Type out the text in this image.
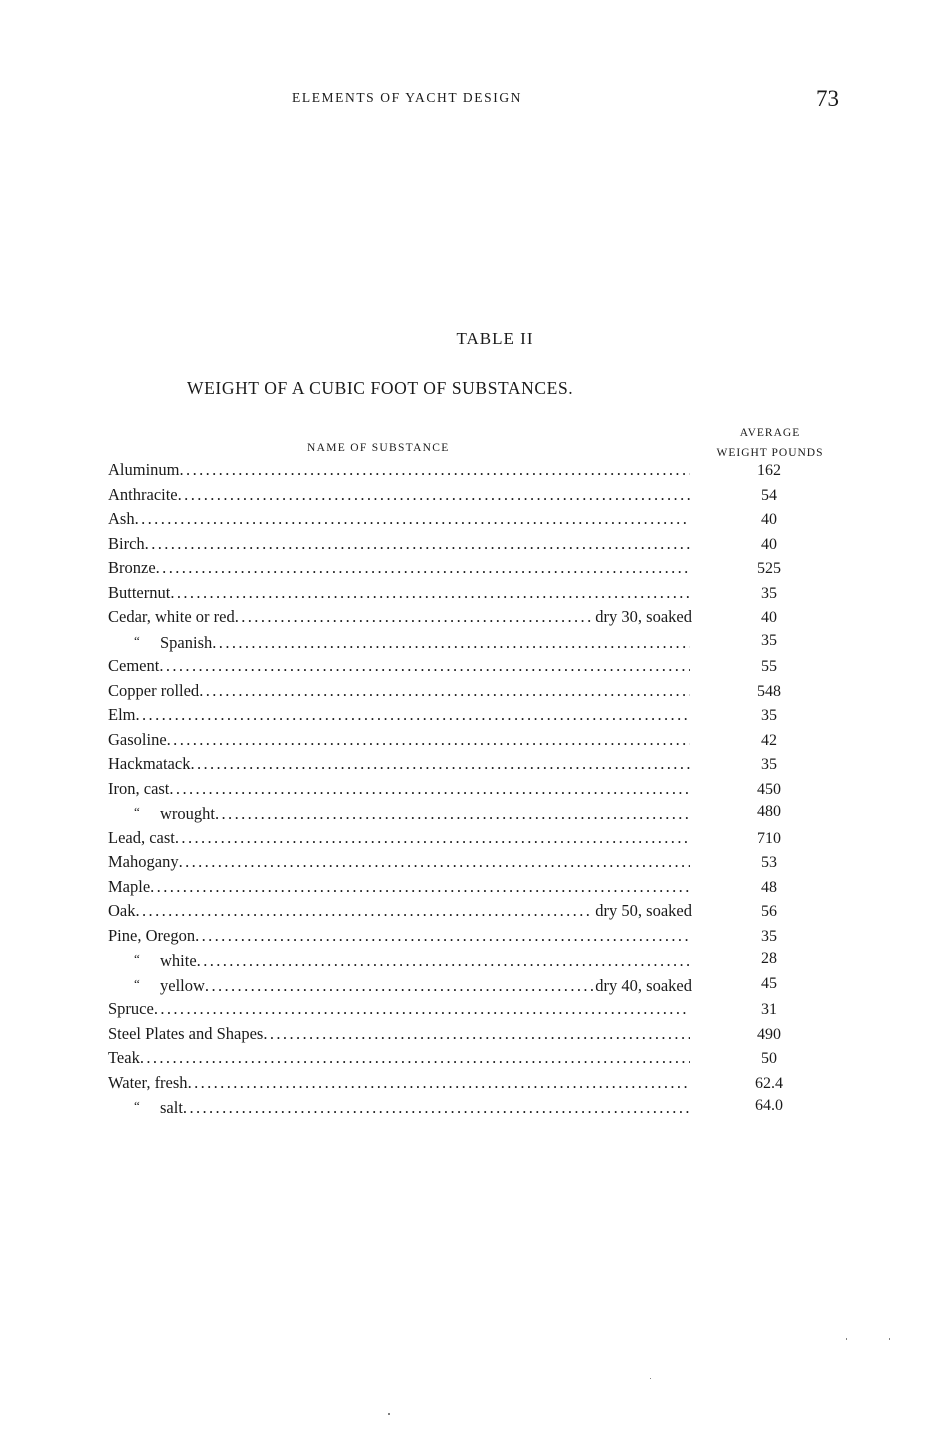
ELEMENTS OF YACHT DESIGN	73
TABLE II
WEIGHT OF A CUBIC FOOT OF SUBSTANCES.
NAME OF SUBSTANCE
AVERAGE
WEIGHT POUNDS
Aluminum .....	162
Anthracite .....	54
Ash .....	40
Birch .....	40
Bronze .....	525
Butternut .....	35
Cedar, white or red .....	dry 30, soaked	40
“	Spanish .....	35
Cement .....	55
Copper rolled .....	548
Elm .....	35
Gasoline .....	42
Hackmatack .....	35
Iron, cast .....	450
“	wrought .....	480
Lead, cast .....	710
Mahogany .....	53
Maple .....	48
Oak .....	dry 50, soaked	56
Pine, Oregon .....	35
“	white .....	28
“	yellow .....	dry 40, soaked	45
Spruce .....	31
Steel Plates and Shapes .....	490
Teak .....	50
Water, fresh .....	62.4
“	salt .....	64.0
